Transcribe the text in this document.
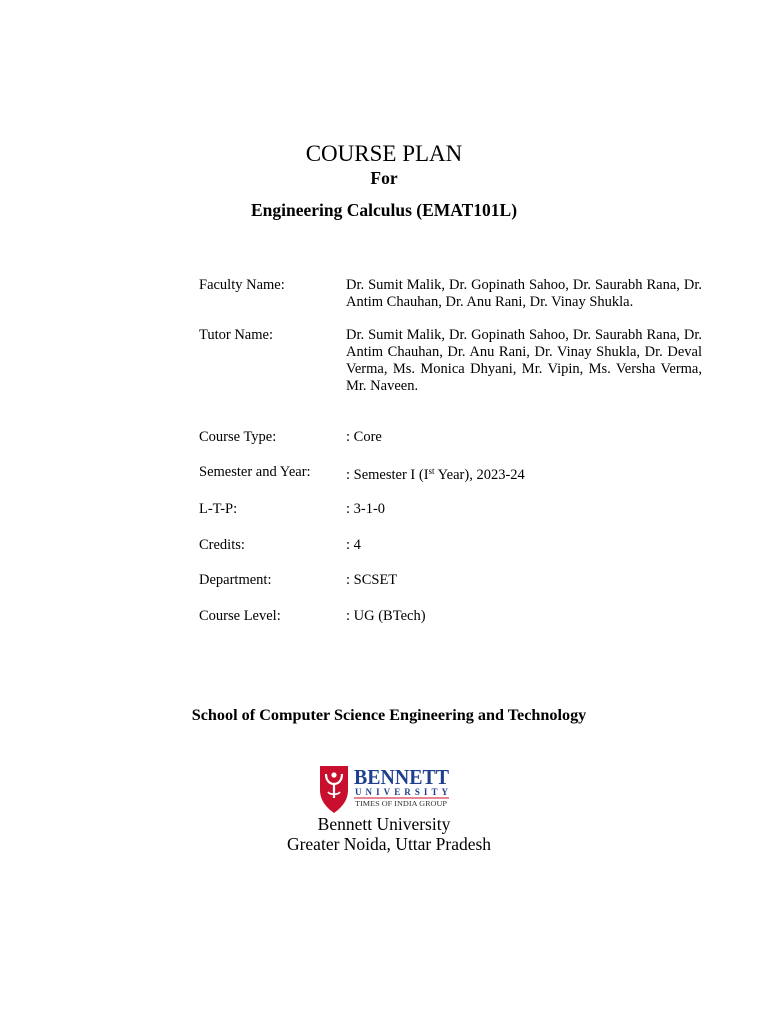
COURSE PLAN
For
Engineering Calculus (EMAT101L)
Faculty Name:	Dr. Sumit Malik, Dr. Gopinath Sahoo, Dr. Saurabh Rana, Dr. Antim Chauhan, Dr. Anu Rani, Dr. Vinay Shukla.
Tutor Name:	Dr. Sumit Malik, Dr. Gopinath Sahoo, Dr. Saurabh Rana, Dr. Antim Chauhan, Dr. Anu Rani, Dr. Vinay Shukla, Dr. Deval Verma, Ms. Monica Dhyani, Mr. Vipin, Ms. Versha Verma, Mr. Naveen.
Course Type:	: Core
Semester and Year: : Semester I (Ist Year), 2023-24
L-T-P:	: 3-1-0
Credits:	: 4
Department:	: SCSET
Course Level:	: UG (BTech)
School of Computer Science Engineering and Technology
BENNETT
UNIVERSITY
TIMES OF INDIA GROUP
Bennett University
Greater Noida, Uttar Pradesh
